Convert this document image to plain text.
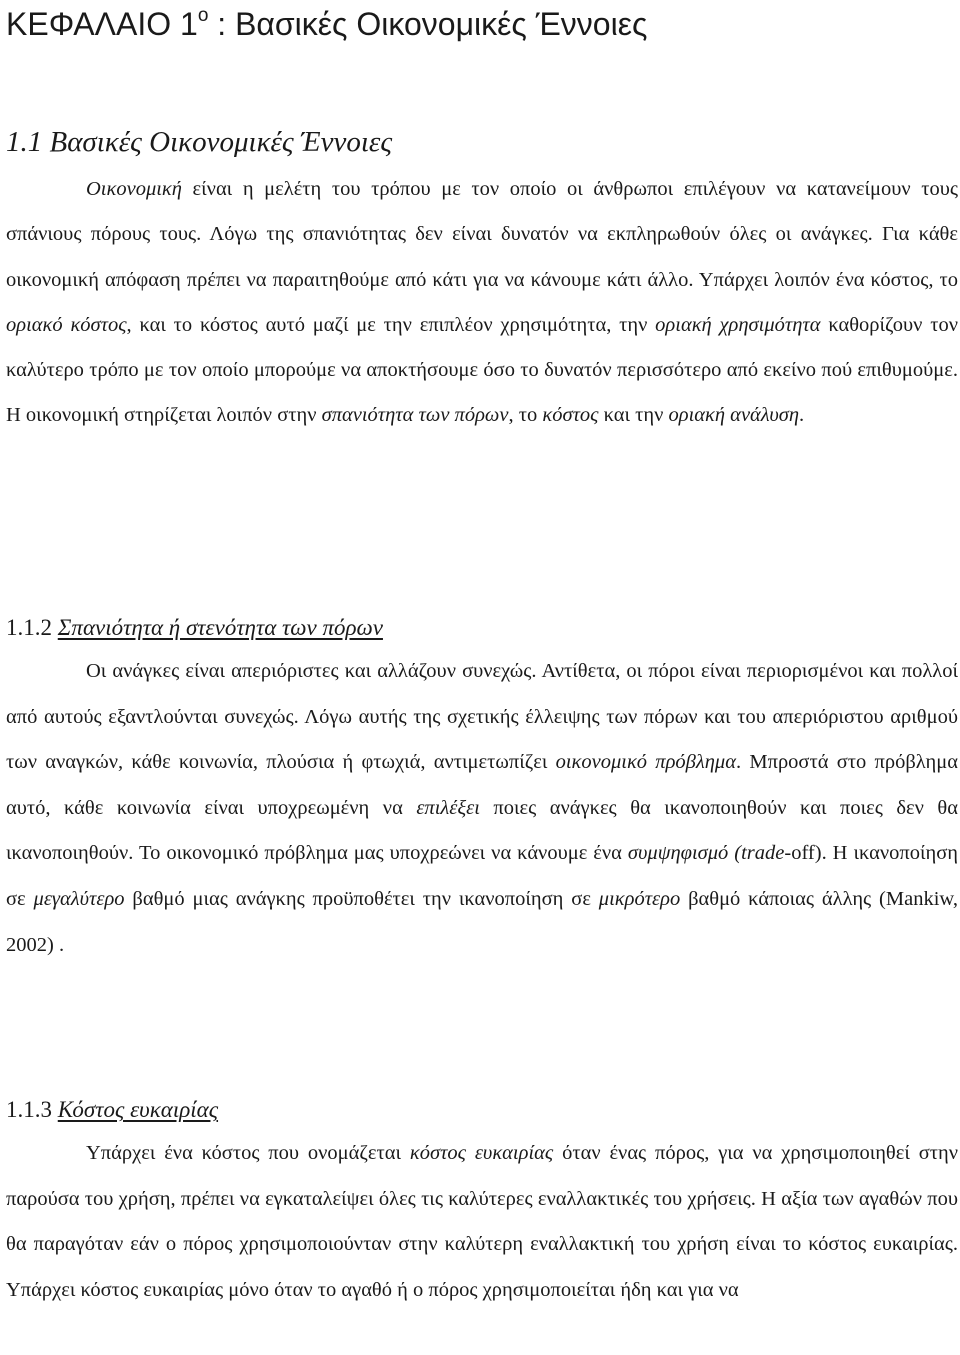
ΚΕΦΑΛΑΙΟ $1^o$ : Βασικές Οικονομικές Έννοιες
1.1 Βασικές Οικονομικές Έννοιες

Οικονομική είναι η μελέτη του τρόπου με τον οποίο οι άνθρωποι επιλέγουν να κατανείμουν τους σπάνιους πόρους τους. Λόγω της σπανιότητας δεν είναι δυνατόν να εκπληρωθούν όλες οι ανάγκες. Για κάθε οικονομική απόφαση πρέπει να παραιτηθούμε από κάτι για να κάνουμε κάτι άλλο. Υπάρχει λοιπόν ένα κόστος, το οριακό κόστος, και το κόστος αυτό μαζί με την επιπλέον χρησιμότητα, την οριακή χρησιμότητα καθορίζουν τον καλύτερο τρόπο με τον οποίο μπορούμε να αποκτήσουμε όσο το δυνατόν περισσότερο από εκείνο πού επιθυμούμε. Η οικονομική στηρίζεται λοιπόν στην σπανιότητα των πόρων, το κόστος και την οριακή ανάλυση.

1.1.2 Σπανιότητα ή στενότητα των πόρων

Οι ανάγκες είναι απεριόριστες και αλλάζουν συνεχώς. Αντίθετα, οι πόροι είναι περιορισμένοι και πολλοί από αυτούς εξαντλούνται συνεχώς. Λόγω αυτής της σχετικής έλλειψης των πόρων και του απεριόριστου αριθμού των αναγκών, κάθε κοινωνία, πλούσια ή φτωχιά, αντιμετωπίζει οικονομικό πρόβλημα. Μπροστά στο πρόβλημα αυτό, κάθε κοινωνία είναι υποχρεωμένη να επιλέξει ποιες ανάγκες θα ικανοποιηθούν και ποιες δεν θα ικανοποιηθούν. Το οικονομικό πρόβλημα μας υποχρεώνει να κάνουμε ένα συμψηφισμό (trade-off). Η ικανοποίηση σε μεγαλύτερο βαθμό μιας ανάγκης προϋποθέτει την ικανοποίηση σε μικρότερο βαθμό κάποιας άλλης (Mankiw, 2002) .

1.1.3 Κόστος ευκαιρίας

Υπάρχει ένα κόστος που ονομάζεται κόστος ευκαιρίας όταν ένας πόρος, για να χρησιμοποιηθεί στην παρούσα του χρήση, πρέπει να εγκαταλείψει όλες τις καλύτερες εναλλακτικές του χρήσεις. Η αξία των αγαθών που θα παραγόταν εάν ο πόρος χρησιμοποιούνταν στην καλύτερη εναλλακτική του χρήση είναι το κόστος ευκαιρίας. Υπάρχει κόστος ευκαιρίας μόνο όταν το αγαθό ή ο πόρος χρησιμοποιείται ήδη και για να
